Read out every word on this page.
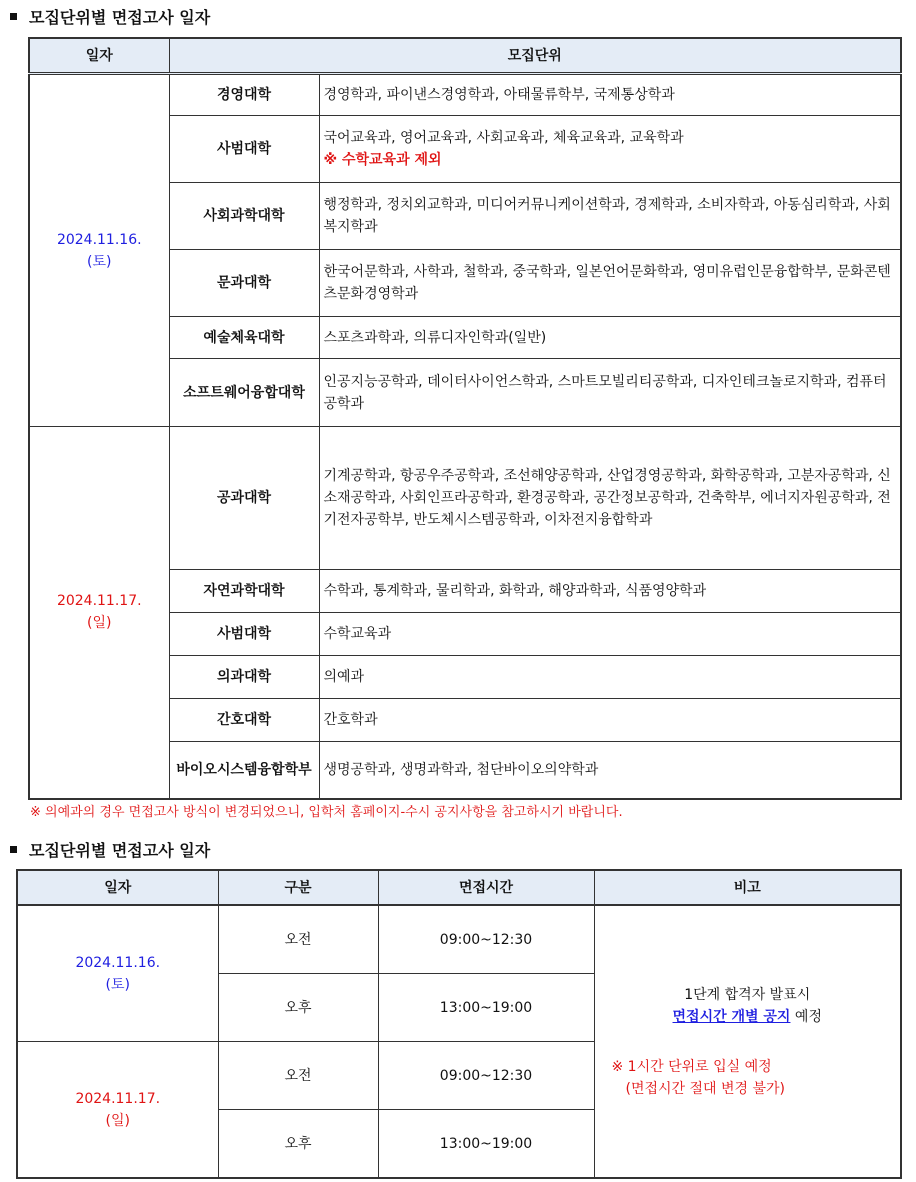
모집단위별 면접고사 일자
일자	모집단위	

2024.11.16.
(토)	경영대학	경영학과, 파이낸스경영학과, 아태물류학부, 국제통상학과
	사범대학	국어교육과, 영어교육과, 사회교육과, 체육교육과, 교육학과
※ 수학교육과 제외

	사회과학대학	행정학과, 정치외교학과, 미디어커뮤니케이션학과, 경제학과, 소비자학과, 아동심리학과, 사회복지학과
	문과대학	한국어문학과, 사학과, 철학과, 중국학과, 일본언어문화학과, 영미유럽인문융합학부, 문화콘텐츠문화경영학과
	예술체육대학	스포츠과학과, 의류디자인학과(일반)
	소프트웨어융합대학	인공지능공학과, 데이터사이언스학과, 스마트모빌리티공학과, 디자인테크놀로지학과, 컴퓨터공학과

2024.11.17.
(일)	공과대학	기계공학과, 항공우주공학과, 조선해양공학과, 산업경영공학과, 화학공학과, 고분자공학과, 신소재공학과, 사회인프라공학과, 환경공학과, 공간정보공학과, 건축학부, 에너지자원공학과, 전기전자공학부, 반도체시스템공학과, 이차전지융합학과
	자연과학대학	수학과, 통계학과, 물리학과, 화학과, 해양과학과, 식품영양학과
	사범대학	수학교육과
	의과대학	의예과
	간호대학	간호학과
	바이오시스템융합학부	생명공학과, 생명과학과, 첨단바이오의약학과
※ 의예과의 경우 면접고사 방식이 변경되었으니, 입학처 홈페이지-수시 공지사항을 참고하시기 바랍니다.
모집단위별 면접고사 일자
일자	구분	면접시간	비고

2024.11.16.
(토)
	오전	09:00~12:30	
1단계 합격자 발표시
면접시간 개별 공지 예정
※ 1시간 단위로 입실 예정
(면접시간 절대 변경 불가)

	오후	13:00~19:00	

2024.11.17.
(일)	오전	09:00~12:30	
	오후	13:00~19:00	
